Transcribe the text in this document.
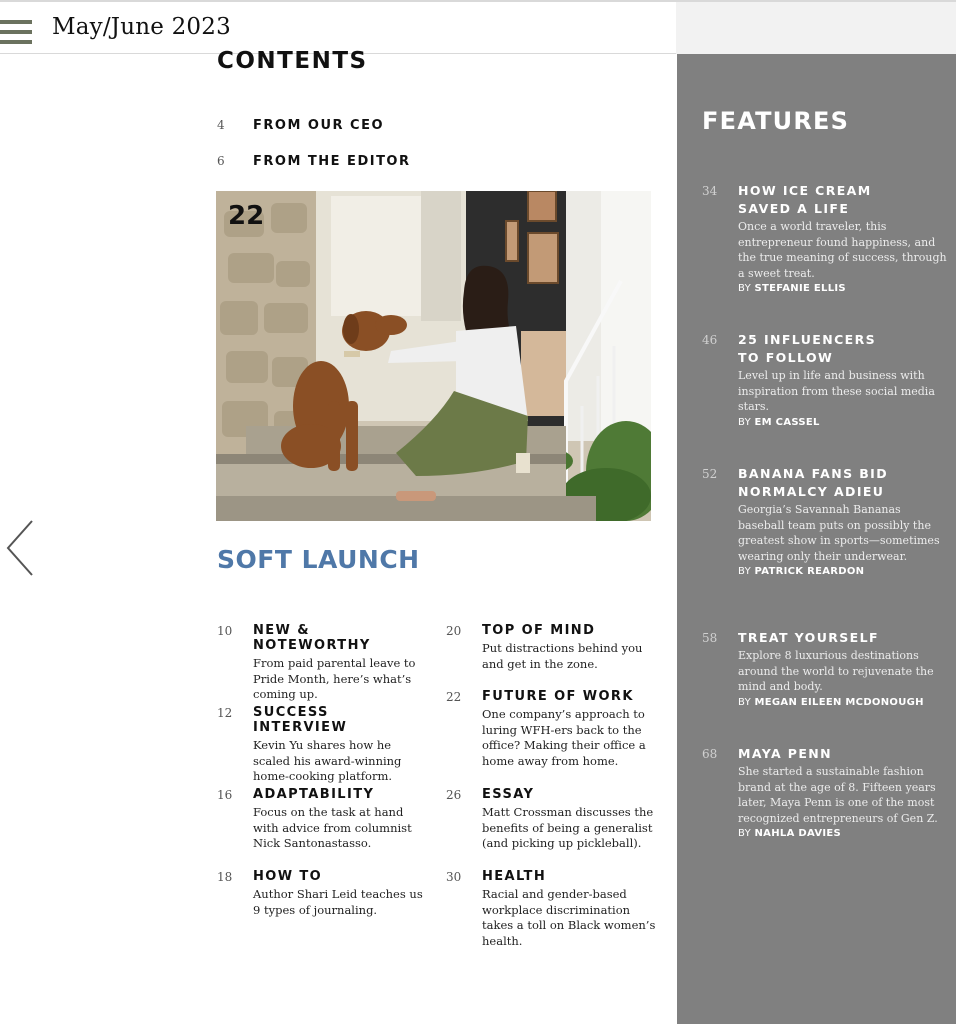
May/June 2023
CONTENTS
4 FROM OUR CEO
6 FROM THE EDITOR
22
SOFT LAUNCH
10 NEW & NOTEWORTHY
From paid parental leave to Pride Month, here’s what’s coming up.
12 SUCCESS INTERVIEW
Kevin Yu shares how he scaled his award-winning home-cooking platform.
16 ADAPTABILITY
Focus on the task at hand with advice from columnist Nick Santonastasso.
18 HOW TO
Author Shari Leid teaches us 9 types of journaling.
20 TOP OF MIND
Put distractions behind you and get in the zone.
22 FUTURE OF WORK
One company’s approach to luring WFH-ers back to the office? Making their office a home away from home.
26 ESSAY
Matt Crossman discusses the benefits of being a generalist (and picking up pickleball).
30 HEALTH
Racial and gender-based workplace discrimination takes a toll on Black women’s health.
FEATURES
34 HOW ICE CREAM
SAVED A LIFE
Once a world traveler, this entrepreneur found happiness, and the true meaning of success, through a sweet treat.
BY STEFANIE ELLIS
46 25 INFLUENCERS
TO FOLLOW
Level up in life and business with inspiration from these social media stars.
BY EM CASSEL
52 BANANA FANS BID
NORMALCY ADIEU
Georgia’s Savannah Bananas baseball team puts on possibly the greatest show in sports—sometimes wearing only their underwear.
BY PATRICK REARDON
58 TREAT YOURSELF
Explore 8 luxurious destinations around the world to rejuvenate the mind and body.
BY MEGAN EILEEN MCDONOUGH
68 MAYA PENN
She started a sustainable fashion brand at the age of 8. Fifteen years later, Maya Penn is one of the most recognized entrepreneurs of Gen Z.
BY NAHLA DAVIES
